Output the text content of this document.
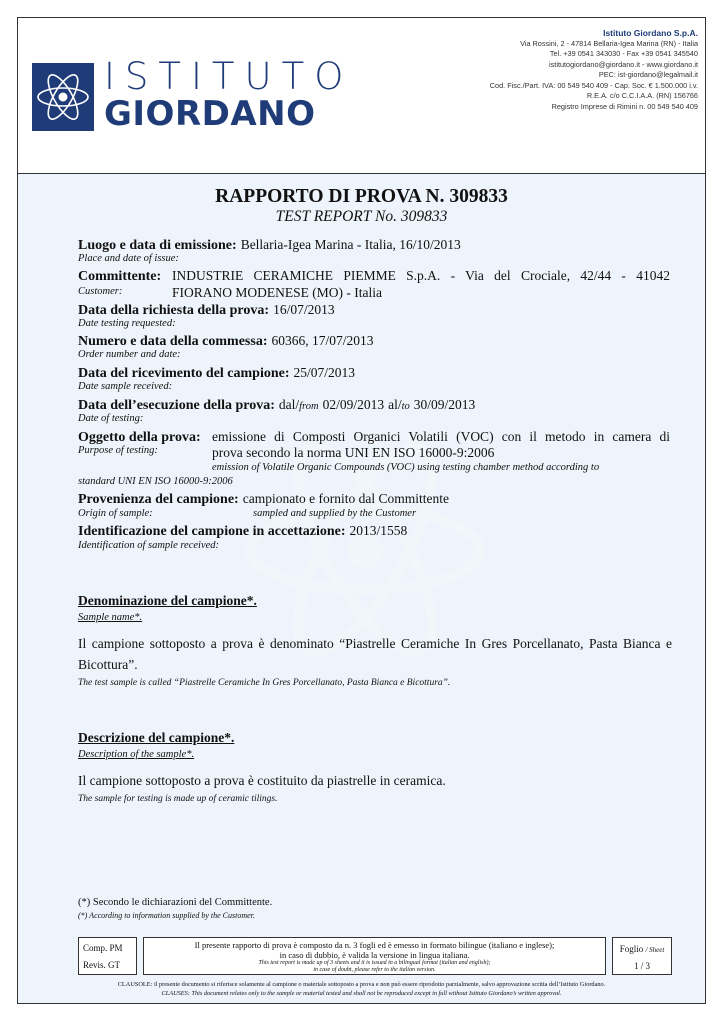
ISTITUTO
GIORDANO
Istituto Giordano S.p.A.
Via Rossini, 2 - 47814 Bellaria-Igea Marina (RN) - Italia
Tel. +39 0541 343030 - Fax +39 0541 345540
istitutogiordano@giordano.it - www.giordano.it
PEC: ist-giordano@legalmail.it
Cod. Fisc./Part. IVA: 00 549 540 409 - Cap. Soc. € 1.500.000 i.v.
R.E.A. c/o C.C.I.A.A. (RN) 156766
Registro Imprese di Rimini n. 00 549 540 409
RAPPORTO DI PROVA N. 309833
TEST REPORT No. 309833
Luogo e data di emissione: Bellaria-Igea Marina - Italia, 16/10/2013
Place and date of issue:
Committente: INDUSTRIE CERAMICHE PIEMME S.p.A. - Via del Crociale, 42/44 - 41042
Customer:	FIORANO MODENESE (MO) - Italia
Data della richiesta della prova: 16/07/2013
Date testing requested:
Numero e data della commessa: 60366, 17/07/2013
Order number and date:
Data del ricevimento del campione: 25/07/2013
Date sample received:
Data dell’esecuzione della prova: dal/from 02/09/2013 al/to 30/09/2013
Date of testing:
Oggetto della prova: emissione di Composti Organici Volatili (VOC) con il metodo in camera di
Purpose of testing:	prova secondo la norma UNI EN ISO 16000-9:2006
emission of Volatile Organic Compounds (VOC) using testing chamber method according to
standard UNI EN ISO 16000-9:2006
Provenienza del campione: campionato e fornito dal Committente
Origin of sample:	sampled and supplied by the Customer
Identificazione del campione in accettazione: 2013/1558
Identification of sample received:
Denominazione del campione*.
Sample name*.
Il campione sottoposto a prova è denominato “Piastrelle Ceramiche In Gres Porcellanato, Pasta Bianca e
Bicottura”.
The test sample is called “Piastrelle Ceramiche In Gres Porcellanato, Pasta Bianca e Bicottura”.
Descrizione del campione*.
Description of the sample*.
Il campione sottoposto a prova è costituito da piastrelle in ceramica.
The sample for testing is made up of ceramic tilings.
(*) Secondo le dichiarazioni del Committente.
(*) According to information supplied by the Customer.
Comp. PM
Revis. GT
Il presente rapporto di prova è composto da n. 3 fogli ed è emesso in formato bilingue (italiano e inglese);
in caso di dubbio, è valida la versione in lingua italiana.
This test report is made up of 3 sheets and it is issued in a bilingual format (italian and english);
in case of doubt, please refer to the italian version.
Foglio / Sheet
1 / 3
CLAUSOLE: il presente documento si riferisce solamente al campione o materiale sottoposto a prova e non può essere riprodotto parzialmente, salvo approvazione scritta dell’Istituto Giordano.
CLAUSES: This document relates only to the sample or material tested and shall not be reproduced except in full without Istituto Giordano’s written approval.
